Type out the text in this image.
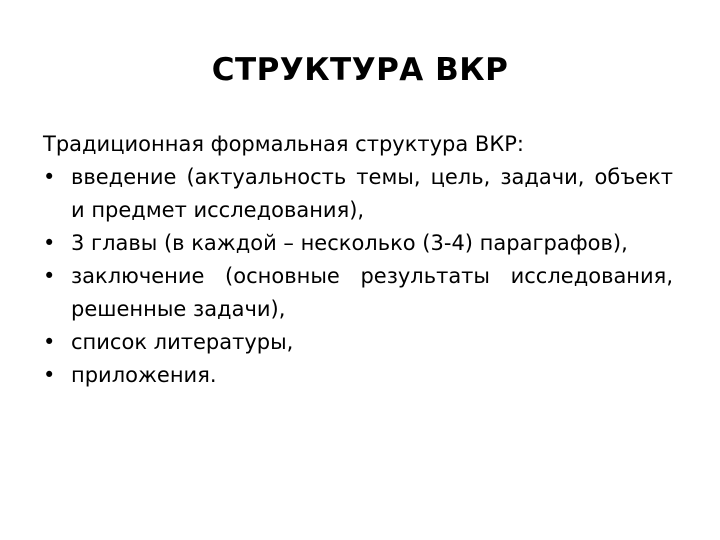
СТРУКТУРА ВКР

Традиционная формальная структура ВКР:

• введение (актуальность темы, цель, задачи, объект и предмет исследования),
• 3 главы (в каждой – несколько (3-4) параграфов),
• заключение (основные результаты исследования, решенные задачи),
• список литературы,
• приложения.
